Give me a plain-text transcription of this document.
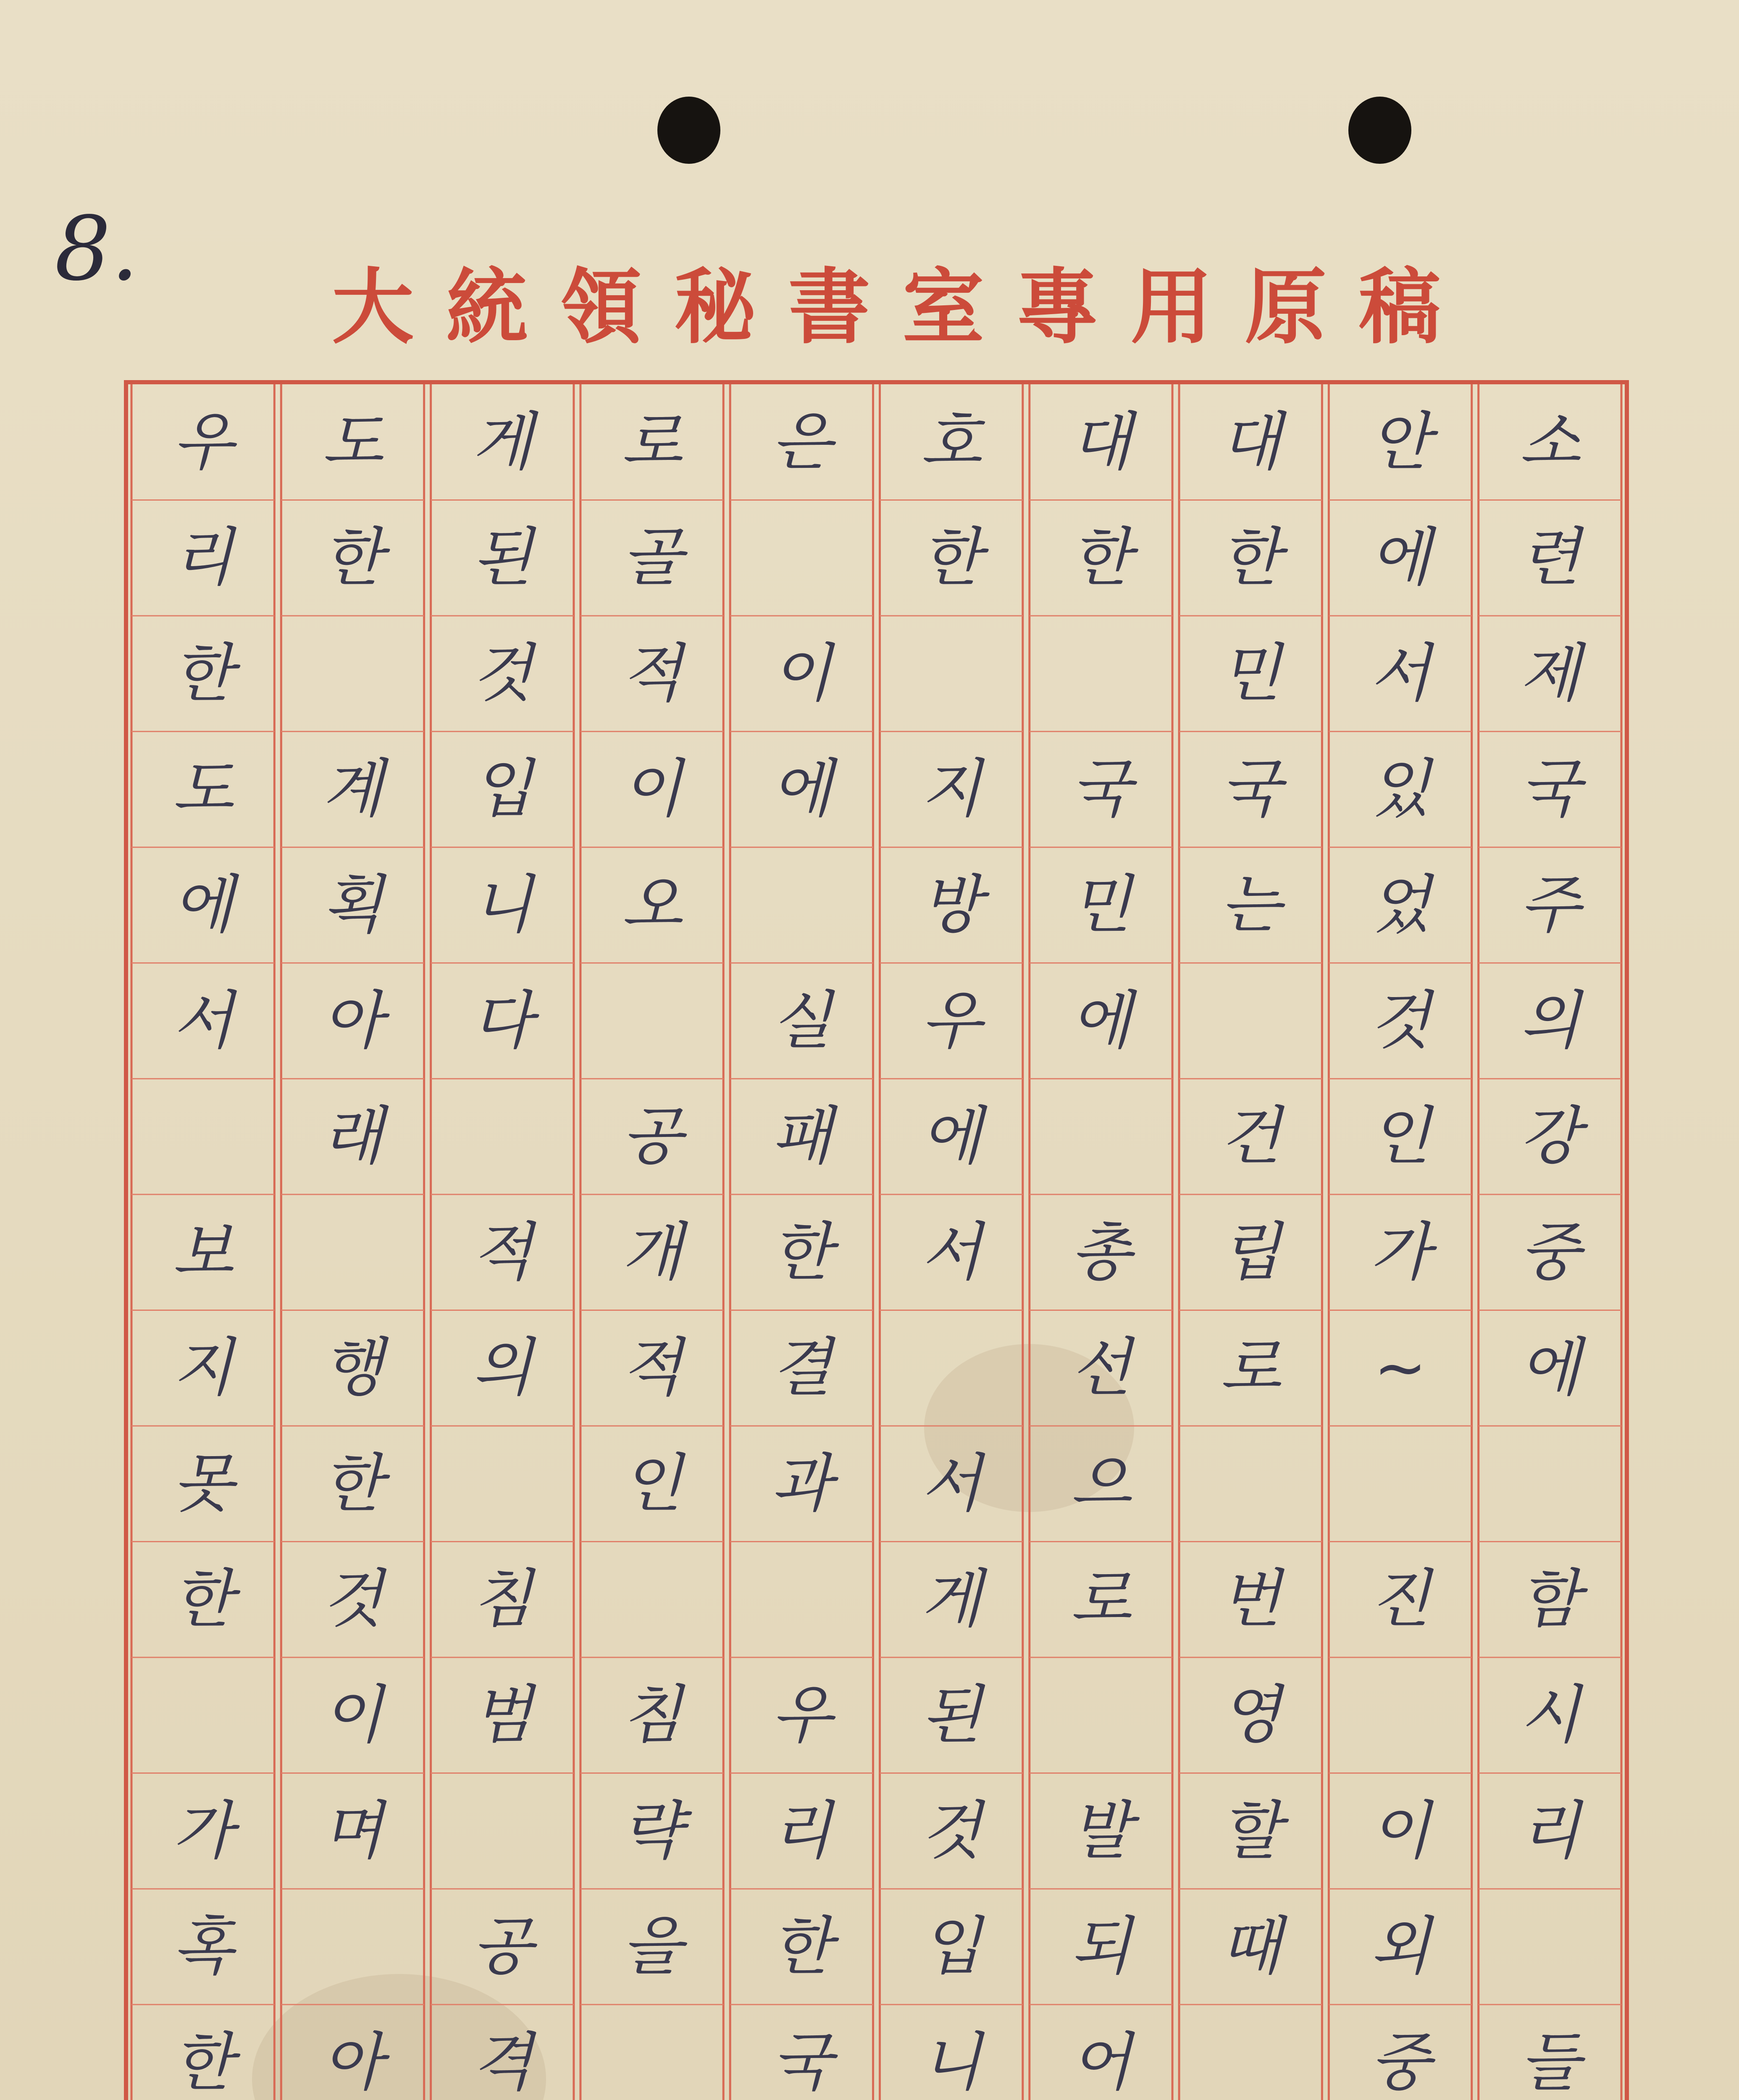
8.
大 統 領 秘 書 室 專 用 原 稿
소
련
제
국
주
의
강
중
에
함
시
리
들
안
에
서
있
었
것
인
가
~
진
이
외
중
대
한
민
국
는
건
립
로
번
영
할
때
대
한
국
민
에
총
선
으
로
발
되
어
호
한
지
방
우
에
서
서
게
된
것
입
니
은
이
에
실
패
한
결
과
우
리
한
국
로
골
적
이
오
공
개
적
인
침
략
을
게
된
것
입
니
다
적
의
침
범
공
격
도
한
계
획
아
래
행
한
것
이
며
아
우
리
한
도
에
서
보
지
못
한
가
혹
한
